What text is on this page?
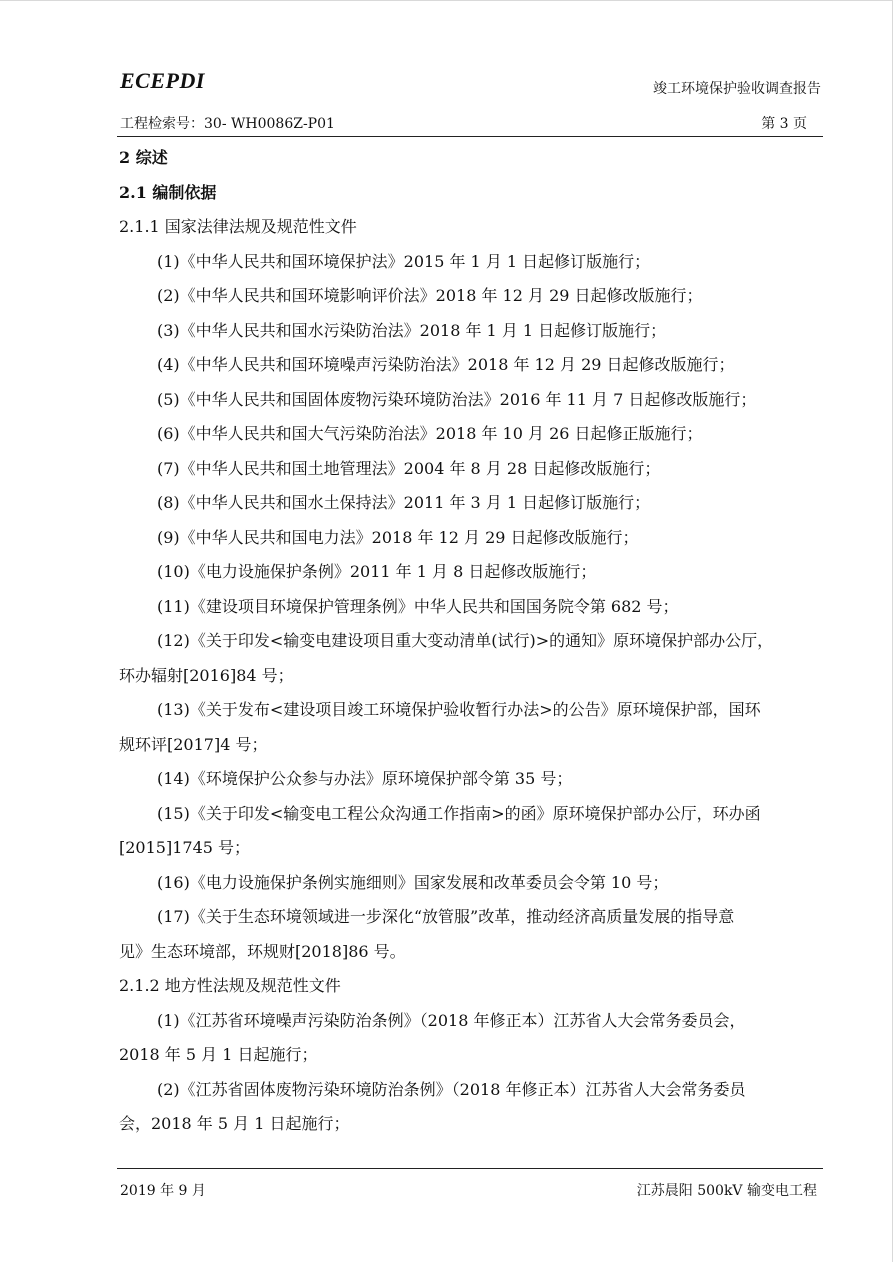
ECEPDI	竣工环境保护验收调查报告
工程检索号：30- WH0086Z-P01	第 3 页
2 综述
2.1 编制依据
2.1.1 国家法律法规及规范性文件
(1)《中华人民共和国环境保护法》2015 年 1 月 1 日起修订版施行；
(2)《中华人民共和国环境影响评价法》2018 年 12 月 29 日起修改版施行；
(3)《中华人民共和国水污染防治法》2018 年 1 月 1 日起修订版施行；
(4)《中华人民共和国环境噪声污染防治法》2018 年 12 月 29 日起修改版施行；
(5)《中华人民共和国固体废物污染环境防治法》2016 年 11 月 7 日起修改版施行；
(6)《中华人民共和国大气污染防治法》2018 年 10 月 26 日起修正版施行；
(7)《中华人民共和国土地管理法》2004 年 8 月 28 日起修改版施行；
(8)《中华人民共和国水土保持法》2011 年 3 月 1 日起修订版施行；
(9)《中华人民共和国电力法》2018 年 12 月 29 日起修改版施行；
(10)《电力设施保护条例》2011 年 1 月 8 日起修改版施行；
(11)《建设项目环境保护管理条例》中华人民共和国国务院令第 682 号；
(12)《关于印发<输变电建设项目重大变动清单(试行)>的通知》原环境保护部办公厅，
环办辐射[2016]84 号；
(13)《关于发布<建设项目竣工环境保护验收暂行办法>的公告》原环境保护部，国环
规环评[2017]4 号；
(14)《环境保护公众参与办法》原环境保护部令第 35 号；
(15)《关于印发<输变电工程公众沟通工作指南>的函》原环境保护部办公厅，环办函
[2015]1745 号；
(16)《电力设施保护条例实施细则》国家发展和改革委员会令第 10 号；
(17)《关于生态环境领域进一步深化“放管服”改革，推动经济高质量发展的指导意
见》生态环境部，环规财[2018]86 号。
2.1.2 地方性法规及规范性文件
(1)《江苏省环境噪声污染防治条例》（2018 年修正本）江苏省人大会常务委员会，
2018 年 5 月 1 日起施行；
(2)《江苏省固体废物污染环境防治条例》（2018 年修正本）江苏省人大会常务委员
会，2018 年 5 月 1 日起施行；
2019 年 9 月	江苏晨阳 500kV 输变电工程
